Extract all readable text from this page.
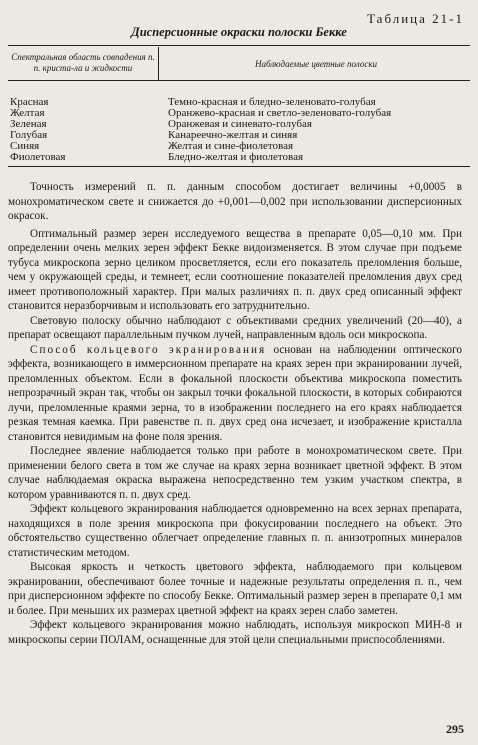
Таблица 21-1
Дисперсионные окраски полоски Бекке
Спектральная область совпадения п. п. криста-ла и жидкости	Наблюдаемые цветные полоски
Красная	Темно-красная и бледно-зеленовато-голубая
Желтая	Оранжево-красная и светло-зеленовато-голубая
Зеленая	Оранжевая и синевато-голубая
Голубая	Канареечно-желтая и синяя
Синяя	Желтая и сине-фиолетовая
Фиолетовая	Бледно-желтая и фиолетовая

Точность измерений п. п. данным способом достигает величины +0,0005 в монохроматическом свете и снижается до +0,001—0,002 при использовании дисперсионных окрасок.

Оптимальный размер зерен исследуемого вещества в препарате 0,05—0,10 мм. При определении очень мелких зерен эффект Бекке видоизменяется. В этом случае при подъеме тубуса микроскопа зерно целиком просветляется, если его показатель преломления больше, чем у окружающей среды, и темнеет, если соотношение показателей преломления двух сред имеет противоположный характер. При малых различиях п. п. двух сред описанный эффект становится неразборчивым и использовать его затруднительно.

Световую полоску обычно наблюдают с объективами средних увеличений (20—40), а препарат освещают параллельным пучком лучей, направленным вдоль оси микроскопа.

Способ кольцевого экранирования основан на наблюдении оптического эффекта, возникающего в иммерсионном препарате на краях зерен при экранировании лучей, преломленных объектом. Если в фокальной плоскости объектива микроскопа поместить непрозрачный экран так, чтобы он закрыл точки фокальной плоскости, в которых собираются лучи, преломленные краями зерна, то в изображении последнего на его краях наблюдается резкая темная каемка. При равенстве п. п. двух сред она исчезает, и изображение кристалла становится невидимым на фоне поля зрения.

Последнее явление наблюдается только при работе в монохроматическом свете. При применении белого света в том же случае на краях зерна возникает цветной эффект. В этом случае наблюдаемая окраска выражена непосредственно тем узким участком спектра, в котором уравниваются п. п. двух сред.

Эффект кольцевого экранирования наблюдается одновременно на всех зернах препарата, находящихся в поле зрения микроскопа при фокусировании последнего на объект. Это обстоятельство существенно облегчает определение главных п. п. анизотропных минералов статистическим методом.

Высокая яркость и четкость цветового эффекта, наблюдаемого при кольцевом экранировании, обеспечивают более точные и надежные результаты определения п. п., чем при дисперсионном эффекте по способу Бекке. Оптимальный размер зерен в препарате 0,1 мм и более. При меньших их размерах цветной эффект на краях зерен слабо заметен.

Эффект кольцевого экранирования можно наблюдать, используя микроскоп МИН-8 и микроскопы серии ПОЛАМ, оснащенные для этой цели специальными приспособлениями.

295
